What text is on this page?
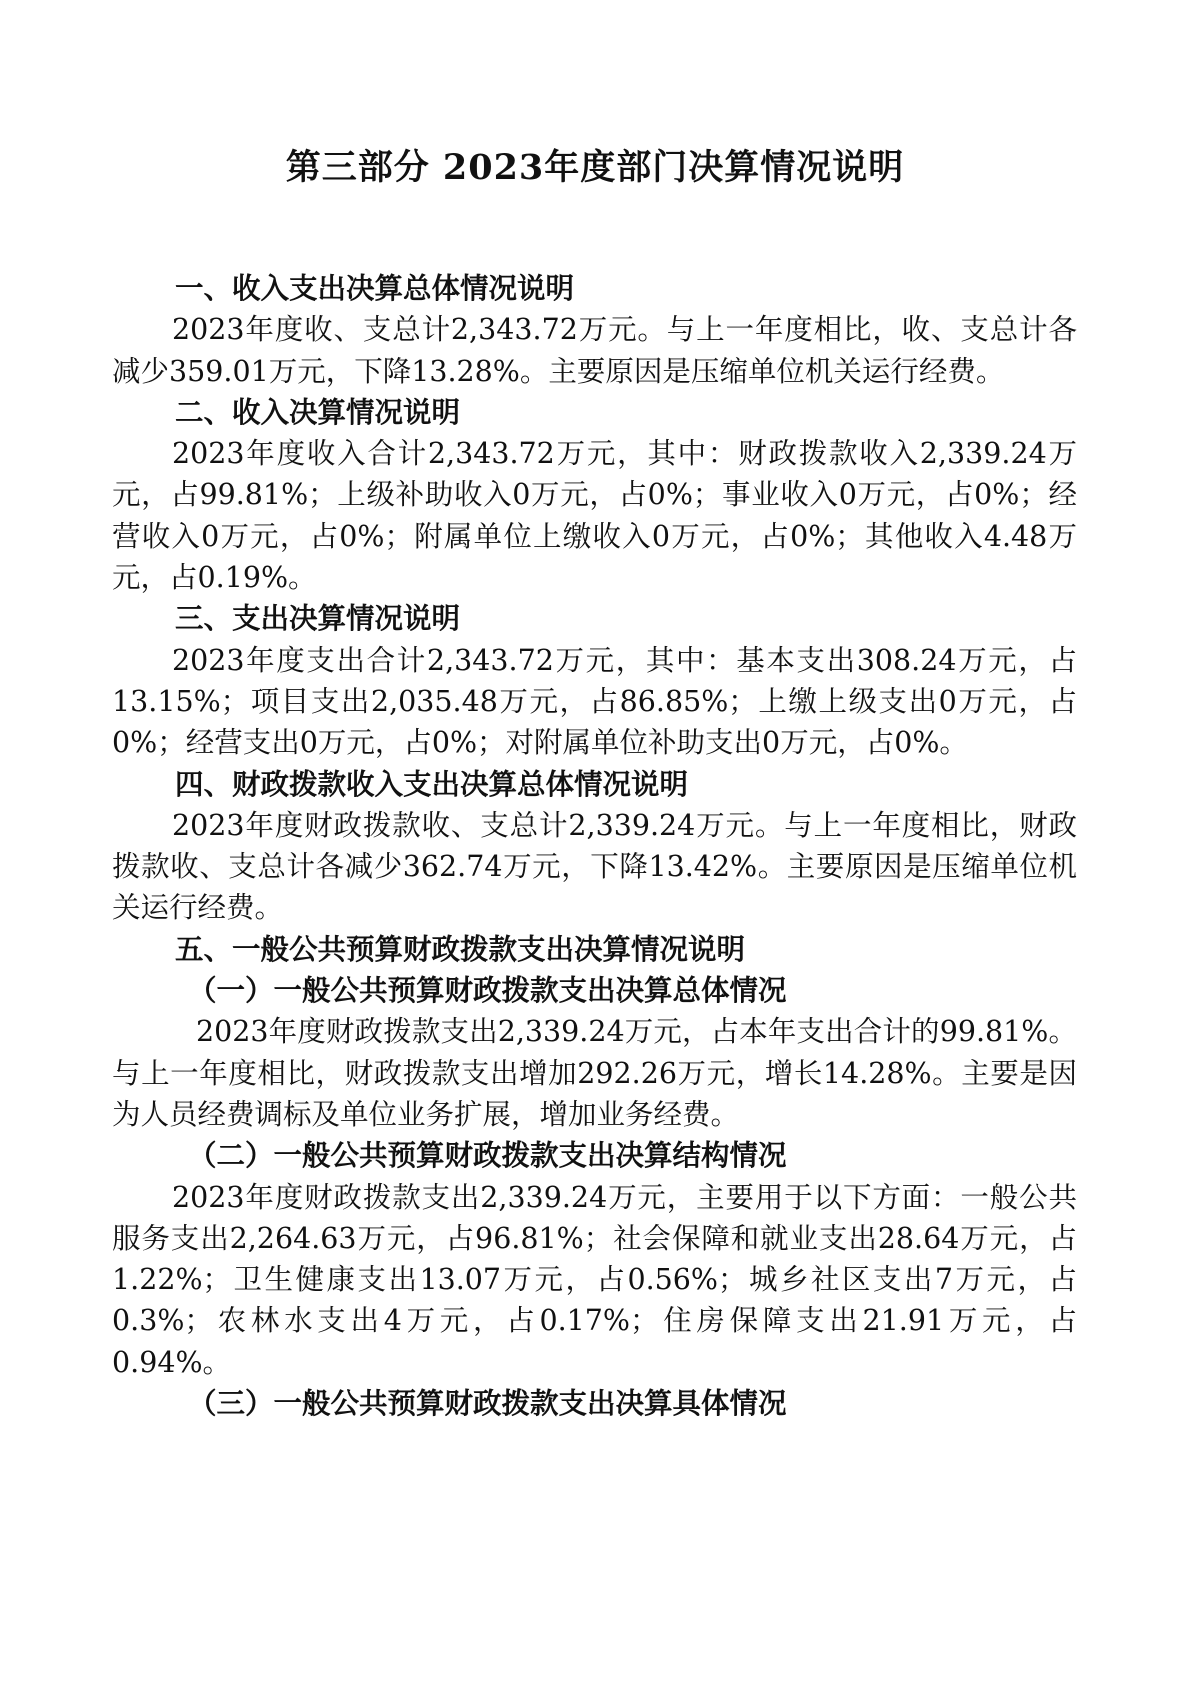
第三部分 2023年度部门决算情况说明

一、收入支出决算总体情况说明

2023年度收、支总计2,343.72万元。与上一年度相比，收、支总计各减少359.01万元，下降13.28%。主要原因是压缩单位机关运行经费。

二、收入决算情况说明

2023年度收入合计2,343.72万元，其中：财政拨款收入2,339.24万元，占99.81%；上级补助收入0万元，占0%；事业收入0万元，占0%；经营收入0万元，占0%；附属单位上缴收入0万元，占0%；其他收入4.48万元，占0.19%。

三、支出决算情况说明

2023年度支出合计2,343.72万元，其中：基本支出308.24万元，占13.15%；项目支出2,035.48万元，占86.85%；上缴上级支出0万元，占0%；经营支出0万元，占0%；对附属单位补助支出0万元，占0%。

四、财政拨款收入支出决算总体情况说明

2023年度财政拨款收、支总计2,339.24万元。与上一年度相比，财政拨款收、支总计各减少362.74万元，下降13.42%。主要原因是压缩单位机关运行经费。

五、一般公共预算财政拨款支出决算情况说明

（一）一般公共预算财政拨款支出决算总体情况

2023年度财政拨款支出2,339.24万元，占本年支出合计的99.81%。与上一年度相比，财政拨款支出增加292.26万元，增长14.28%。主要是因为人员经费调标及单位业务扩展，增加业务经费。

（二）一般公共预算财政拨款支出决算结构情况

2023年度财政拨款支出2,339.24万元，主要用于以下方面：一般公共服务支出2,264.63万元，占96.81%；社会保障和就业支出28.64万元，占1.22%；卫生健康支出13.07万元，占0.56%；城乡社区支出7万元，占0.3%；农林水支出4万元，占0.17%；住房保障支出21.91万元，占0.94%。

（三）一般公共预算财政拨款支出决算具体情况
